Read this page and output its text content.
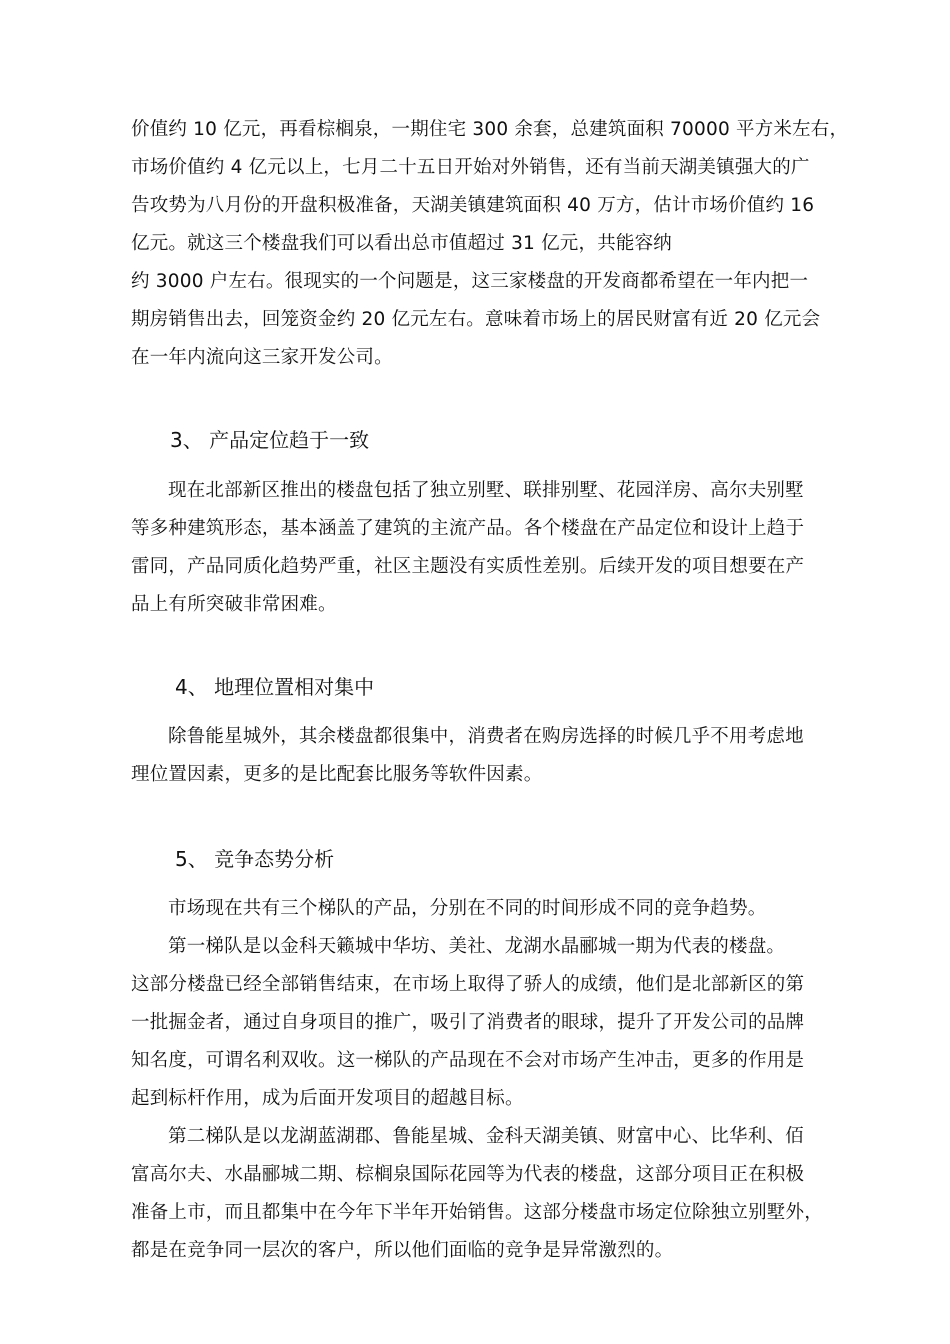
价值约 10 亿元，再看棕榈泉，一期住宅 300 余套，总建筑面积 70000 平方米左右，
市场价值约 4 亿元以上，七月二十五日开始对外销售，还有当前天湖美镇强大的广
告攻势为八月份的开盘积极准备，天湖美镇建筑面积 40 万方，估计市场价值约 16
亿元。就这三个楼盘我们可以看出总市值超过 31 亿元，共能容纳
约 3000 户左右。很现实的一个问题是，这三家楼盘的开发商都希望在一年内把一
期房销售出去，回笼资金约 20 亿元左右。意味着市场上的居民财富有近 20 亿元会
在一年内流向这三家开发公司。
3、 产品定位趋于一致
现在北部新区推出的楼盘包括了独立别墅、联排别墅、花园洋房、高尔夫别墅
等多种建筑形态，基本涵盖了建筑的主流产品。各个楼盘在产品定位和设计上趋于
雷同，产品同质化趋势严重，社区主题没有实质性差别。后续开发的项目想要在产
品上有所突破非常困难。
4、 地理位置相对集中
除鲁能星城外，其余楼盘都很集中，消费者在购房选择的时候几乎不用考虑地
理位置因素，更多的是比配套比服务等软件因素。
5、 竞争态势分析
市场现在共有三个梯队的产品，分别在不同的时间形成不同的竞争趋势。
第一梯队是以金科天籁城中华坊、美社、龙湖水晶郦城一期为代表的楼盘。
这部分楼盘已经全部销售结束，在市场上取得了骄人的成绩，他们是北部新区的第
一批掘金者，通过自身项目的推广，吸引了消费者的眼球，提升了开发公司的品牌
知名度，可谓名利双收。这一梯队的产品现在不会对市场产生冲击，更多的作用是
起到标杆作用，成为后面开发项目的超越目标。
第二梯队是以龙湖蓝湖郡、鲁能星城、金科天湖美镇、财富中心、比华利、佰
富高尔夫、水晶郦城二期、棕榈泉国际花园等为代表的楼盘，这部分项目正在积极
准备上市，而且都集中在今年下半年开始销售。这部分楼盘市场定位除独立别墅外，
都是在竞争同一层次的客户，所以他们面临的竞争是异常激烈的。
